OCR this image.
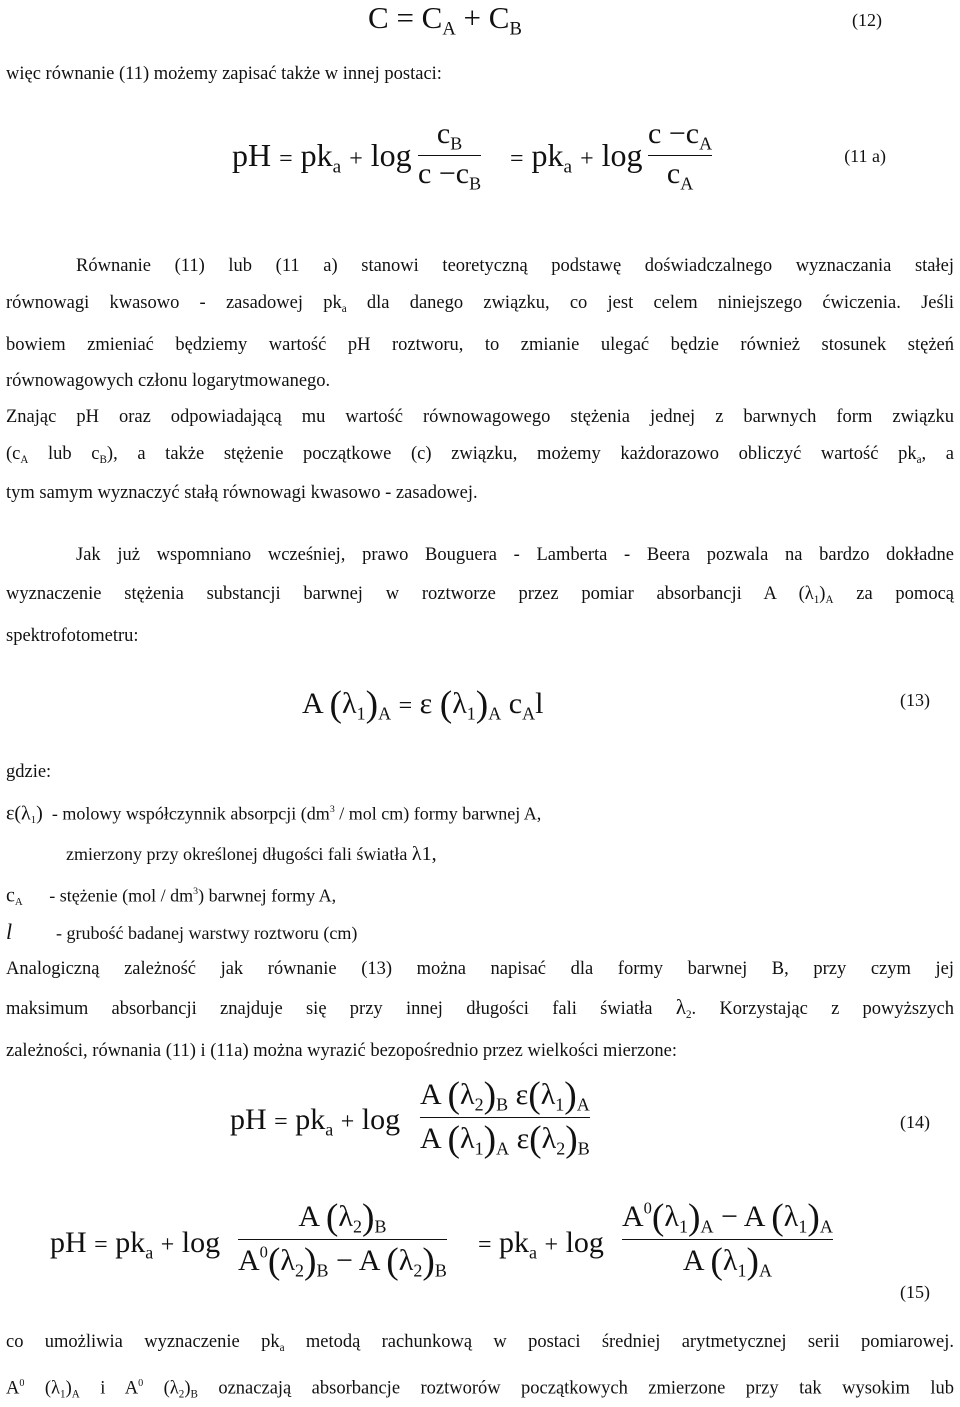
$C = C_A + C_B$	(12)
więc równanie (11) możemy zapisać także w innej postaci:
pH = $pk_a + \log$
$c_B$
$c -c_B$
= $pk_a + \log$
$c -c_A$
$c_A$
(11 a)
Równanie (11) lub (11 a) stanowi teoretyczną podstawę doświadczalnego wyznaczania stałej
równowagi kwasowo - zasadowej $pk_a$ dla danego związku, co jest celem niniejszego ćwiczenia. Jeśli
bowiem zmieniać będziemy wartość pH roztworu, to zmianie ulegać będzie również stosunek stężeń
równowagowych członu logarytmowanego.
Znając pH oraz odpowiadającą mu wartość równowagowego stężenia jednej z barwnych form związku
($c_A$ lub $c_B$), a także stężenie początkowe (c) związku, możemy każdorazowo obliczyć wartość $pk_a$, a
tym samym wyznaczyć stałą równowagi kwasowo - zasadowej.
Jak już wspomniano wcześniej, prawo Bouguera - Lamberta - Beera pozwala na bardzo dokładne
wyznaczenie stężenia substancji barwnej w roztworze przez pomiar absorbancji A $(\lambda_1)_A$ za pomocą
spektrofotometru:
A $(\lambda_1)_A = \varepsilon$ $(\lambda_1)_A$ $c_Al$	(13)
gdzie:
$\varepsilon(\lambda_1)$ - molowy współczynnik absorpcji ($dm^3$ / mol cm) formy barwnej A,
zmierzony przy określonej długości fali światła λ1,
$c_A$ - stężenie $(mol / dm^3)$ barwnej formy A,
l - grubość badanej warstwy roztworu (cm)
Analogiczną zależność jak równanie (13) można napisać dla formy barwnej B, przy czym jej
maksimum absorbancji znajduje się przy innej długości fali światła $\lambda_2$. Korzystając z powyższych
zależności, równania (11) i (11a) można wyrazić bezopośrednio przez wielkości mierzone:
pH = $pk_a + \log$
A $(\lambda_2)_B$ $\varepsilon(\lambda_1)_A$
A $(\lambda_1)_A$ $\varepsilon(\lambda_2)_B$
(14)
pH = $pk_a + \log$
A $(\lambda_2)_B$
$A^0(\lambda_2)_B - A$ $(\lambda_2)_B$
= $pk_a + \log$
$A^0(\lambda_1)_A - A$ $(\lambda_1)_A$
A $(\lambda_1)_A$
(15)
co umożliwia wyznaczenie $pk_a$ metodą rachunkową w postaci średniej arytmetycznej serii pomiarowej.
$A^0$ $(\lambda_1)_A$ i $A^0$ $(\lambda_2)_B$ oznaczają absorbancje roztworów początkowych zmierzone przy tak wysokim lub
